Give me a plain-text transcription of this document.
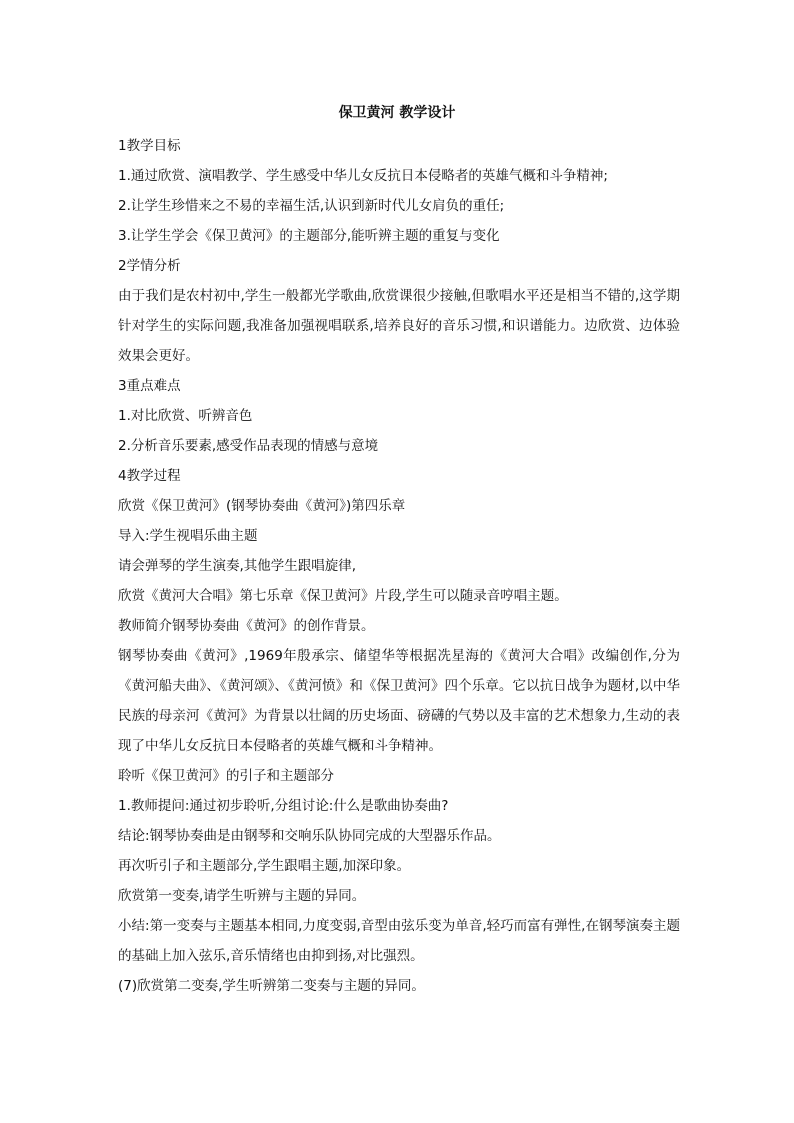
保卫黄河 教学设计
1教学目标
1.通过欣赏、演唱教学、学生感受中华儿女反抗日本侵略者的英雄气概和斗争精神;
2.让学生珍惜来之不易的幸福生活,认识到新时代儿女肩负的重任;
3.让学生学会《保卫黄河》的主题部分,能听辨主题的重复与变化
2学情分析
由于我们是农村初中,学生一般都光学歌曲,欣赏课很少接触,但歌唱水平还是相当不错的,这学期针对学生的实际问题,我准备加强视唱联系,培养良好的音乐习惯,和识谱能力。边欣赏、边体验效果会更好。
3重点难点
1.对比欣赏、听辨音色
2.分析音乐要素,感受作品表现的情感与意境
4教学过程
欣赏《保卫黄河》(钢琴协奏曲《黄河》)第四乐章
导入:学生视唱乐曲主题
请会弹琴的学生演奏,其他学生跟唱旋律,
欣赏《黄河大合唱》第七乐章《保卫黄河》片段,学生可以随录音哼唱主题。
教师简介钢琴协奏曲《黄河》的创作背景。
钢琴协奏曲《黄河》,1969年殷承宗、储望华等根据冼星海的《黄河大合唱》改编创作,分为《黄河船夫曲》、《黄河颂》、《黄河愤》和《保卫黄河》四个乐章。它以抗日战争为题材,以中华民族的母亲河《黄河》为背景以壮阔的历史场面、磅礴的气势以及丰富的艺术想象力,生动的表现了中华儿女反抗日本侵略者的英雄气概和斗争精神。
聆听《保卫黄河》的引子和主题部分
1.教师提问:通过初步聆听,分组讨论:什么是歌曲协奏曲?
结论:钢琴协奏曲是由钢琴和交响乐队协同完成的大型器乐作品。
再次听引子和主题部分,学生跟唱主题,加深印象。
欣赏第一变奏,请学生听辨与主题的异同。
小结:第一变奏与主题基本相同,力度变弱,音型由弦乐变为单音,轻巧而富有弹性,在钢琴演奏主题的基础上加入弦乐,音乐情绪也由抑到扬,对比强烈。
(7)欣赏第二变奏,学生听辨第二变奏与主题的异同。
